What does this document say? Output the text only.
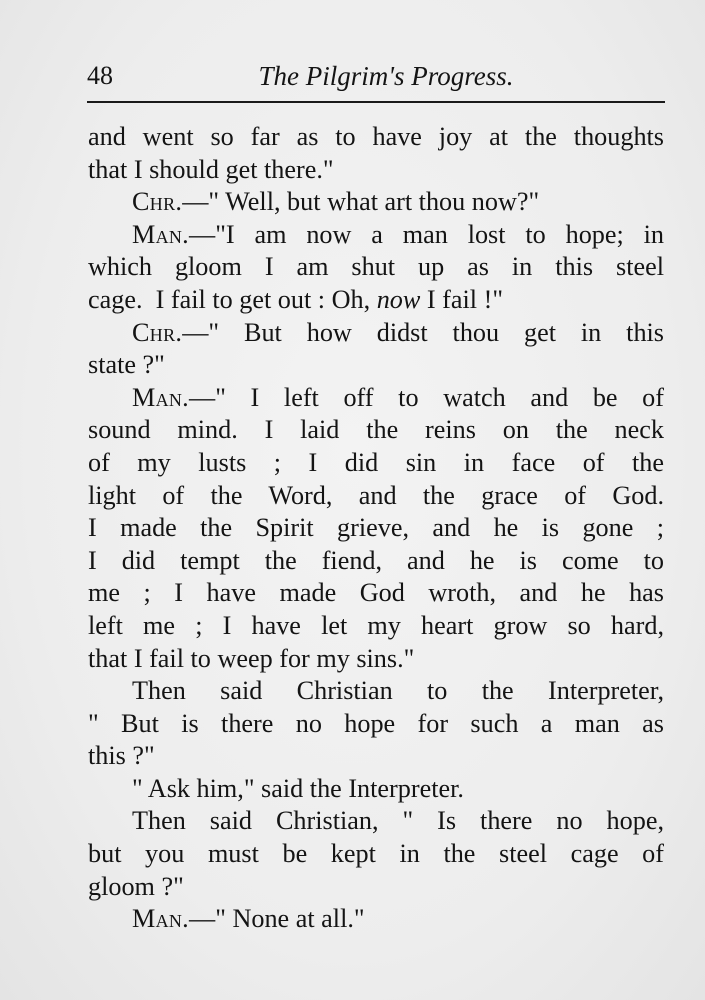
48	The Pilgrim's Progress.
and went so far as to have joy at the thoughts
that I should get there."
Chr.—" Well, but what art thou now?"
Man.—"I am now a man lost to hope; in
which gloom I am shut up as in this steel
cage.  I fail to get out : Oh, now I fail !"
Chr.—" But how didst thou get in this
state ?"
Man.—" I left off to watch and be of
sound mind. I laid the reins on the neck
of my lusts ; I did sin in face of the
light of the Word, and the grace of God.
I made the Spirit grieve, and he is gone ;
I did tempt the fiend, and he is come to
me ; I have made God wroth, and he has
left me ; I have let my heart grow so hard,
that I fail to weep for my sins."
Then said Christian to the Interpreter,
" But is there no hope for such a man as
this ?"
" Ask him," said the Interpreter.
Then said Christian, " Is there no hope,
but you must be kept in the steel cage of
gloom ?"
Man.—" None at all."
